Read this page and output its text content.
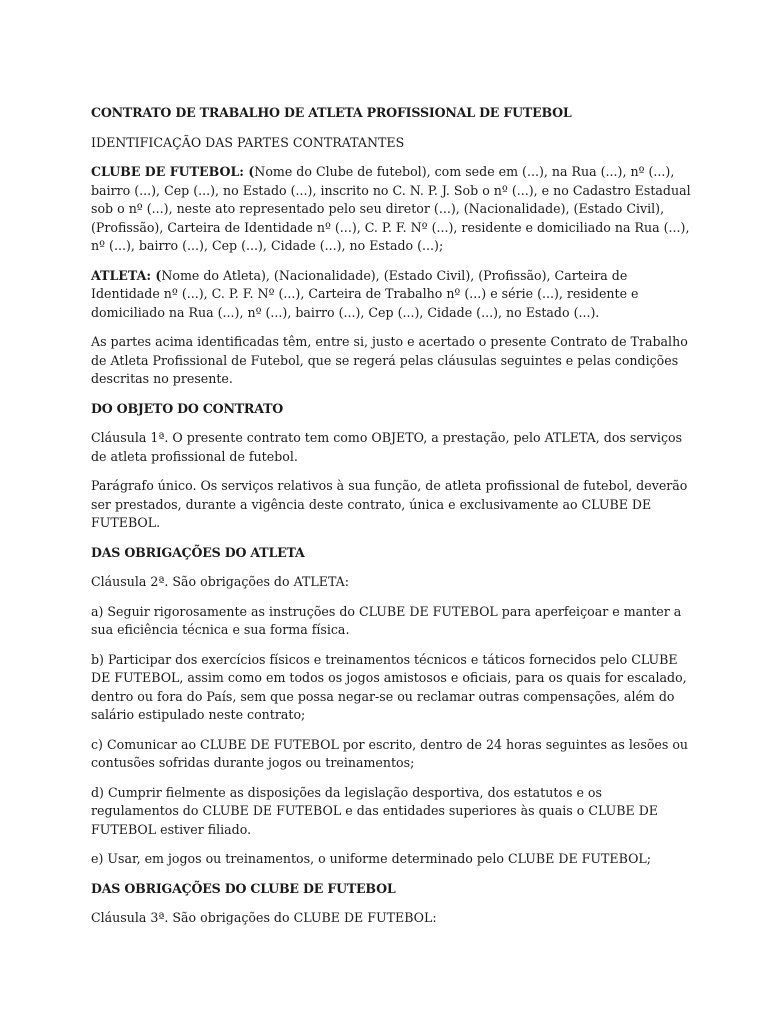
CONTRATO DE TRABALHO DE ATLETA PROFISSIONAL DE FUTEBOL

IDENTIFICAÇÃO DAS PARTES CONTRATANTES

CLUBE DE FUTEBOL: (Nome do Clube de futebol), com sede em (...), na Rua (...), nº (...), bairro (...), Cep (...), no Estado (...), inscrito no C. N. P. J. Sob o nº (...), e no Cadastro Estadual sob o nº (...), neste ato representado pelo seu diretor (...), (Nacionalidade), (Estado Civil), (Profissão), Carteira de Identidade nº (...), C. P. F. Nº (...), residente e domiciliado na Rua (...), nº (...), bairro (...), Cep (...), Cidade (...), no Estado (...);

ATLETA: (Nome do Atleta), (Nacionalidade), (Estado Civil), (Profissão), Carteira de Identidade nº (...), C. P. F. Nº (...), Carteira de Trabalho nº (...) e série (...), residente e domiciliado na Rua (...), nº (...), bairro (...), Cep (...), Cidade (...), no Estado (...).

As partes acima identificadas têm, entre si, justo e acertado o presente Contrato de Trabalho de Atleta Profissional de Futebol, que se regerá pelas cláusulas seguintes e pelas condições descritas no presente.

DO OBJETO DO CONTRATO

Cláusula 1ª. O presente contrato tem como OBJETO, a prestação, pelo ATLETA, dos serviços de atleta profissional de futebol.

Parágrafo único. Os serviços relativos à sua função, de atleta profissional de futebol, deverão ser prestados, durante a vigência deste contrato, única e exclusivamente ao CLUBE DE FUTEBOL.

DAS OBRIGAÇÕES DO ATLETA

Cláusula 2ª. São obrigações do ATLETA:

a) Seguir rigorosamente as instruções do CLUBE DE FUTEBOL para aperfeiçoar e manter a sua eficiência técnica e sua forma física.

b) Participar dos exercícios físicos e treinamentos técnicos e táticos fornecidos pelo CLUBE DE FUTEBOL, assim como em todos os jogos amistosos e oficiais, para os quais for escalado, dentro ou fora do País, sem que possa negar-se ou reclamar outras compensações, além do salário estipulado neste contrato;

c) Comunicar ao CLUBE DE FUTEBOL por escrito, dentro de 24 horas seguintes as lesões ou contusões sofridas durante jogos ou treinamentos;

d) Cumprir fielmente as disposições da legislação desportiva, dos estatutos e os regulamentos do CLUBE DE FUTEBOL e das entidades superiores às quais o CLUBE DE FUTEBOL estiver filiado.

e) Usar, em jogos ou treinamentos, o uniforme determinado pelo CLUBE DE FUTEBOL;

DAS OBRIGAÇÕES DO CLUBE DE FUTEBOL

Cláusula 3ª. São obrigações do CLUBE DE FUTEBOL:
